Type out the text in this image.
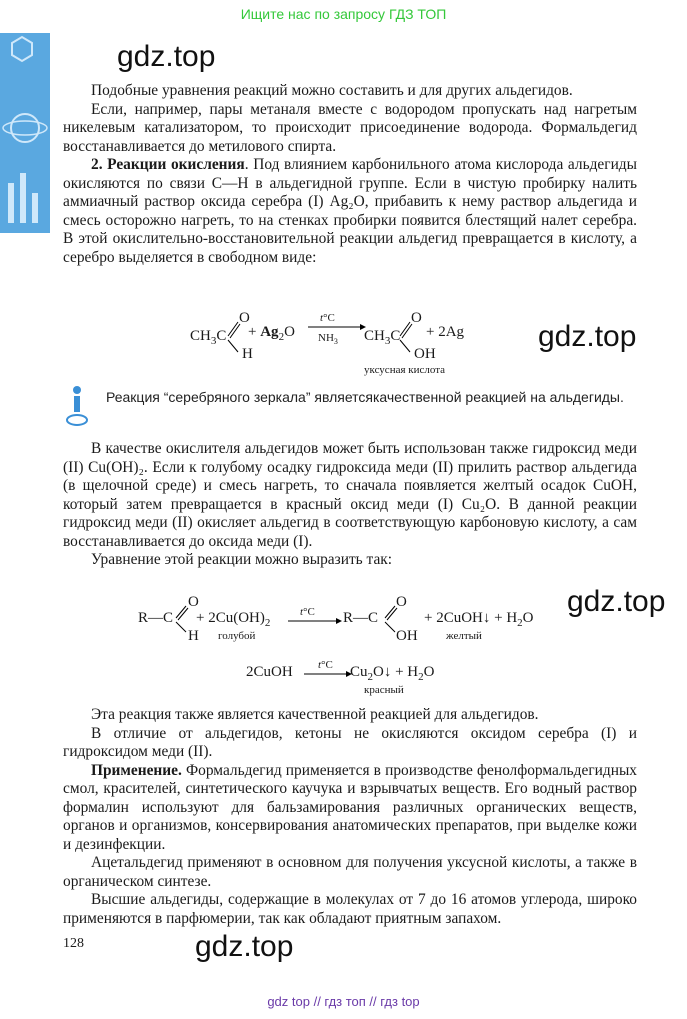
Ищите нас по запросу ГДЗ ТОП
gdz.top
gdz.top
gdz.top
gdz.top

Подобные уравнения реакций можно составить и для других альдегидов.

Если, например, пары метаналя вместе с водородом пропускать над нагретым никелевым катализатором, то происходит присоединение водорода. Формальдегид восстанавливается до метилового спирта.

2. Реакции окисления. Под влиянием карбонильного атома кислорода альдегиды окисляются по связи С—Н в альдегидной группе. Если в чистую пробирку налить аммиачный раствор оксида серебра (I) Ag₂O, прибавить к нему раствор альдегида и смесь осторожно нагреть, то на стенках пробирки появится блестящий налет серебра. В этой окислительно-восстановительной реакции альдегид превращается в кислоту, а серебро выделяется в свободном виде:

$CH_3C$
O
H
+ $Ag_2O$
t°C
$NH_3$ $CH_3C$
O
OH
+ 2Ag
уксусная кислота
Реакция “серебряного зеркала” являетсякачественной реакцией на альдегиды.

В качестве окислителя альдегидов может быть использован также гидроксид меди (II) Cu(OH)₂. Если к голубому осадку гидроксида меди (II) прилить раствор альдегида (в щелочной среде) и смесь нагреть, то сначала появляется желтый осадок CuOH, который затем превращается в красный оксид меди (I) Cu₂O. В данной реакции гидроксид меди (II) окисляет альдегид в соответствующую карбоновую кислоту, а сам восстанавливается до оксида меди (I).

Уравнение этой реакции можно выразить так:

R—C
O
H
+ $2Cu(OH)_2$
голубой
t°C R—C
O
OH
+ 2CuOH↓ + $H_2O$
желтый
2CuOH t°C $Cu_2O↓ + H_2O$
красный

Эта реакция также является качественной реакцией для альдегидов.

В отличие от альдегидов, кетоны не окисляются оксидом серебра (I) и гидроксидом меди (II).

Применение. Формальдегид применяется в производстве фенолформальдегидных смол, красителей, синтетического каучука и взрывчатых веществ. Его водный раствор формалин используют для бальзамирования различных органических веществ, органов и организмов, консервирования анатомических препаратов, при выделке кожи и дезинфекции.

Ацетальдегид применяют в основном для получения уксусной кислоты, а также в органическом синтезе.

Высшие альдегиды, содержащие в молекулах от 7 до 16 атомов углерода, широко применяются в парфюмерии, так как обладают приятным запахом.

128
gdz top // гдз топ // гдз top
